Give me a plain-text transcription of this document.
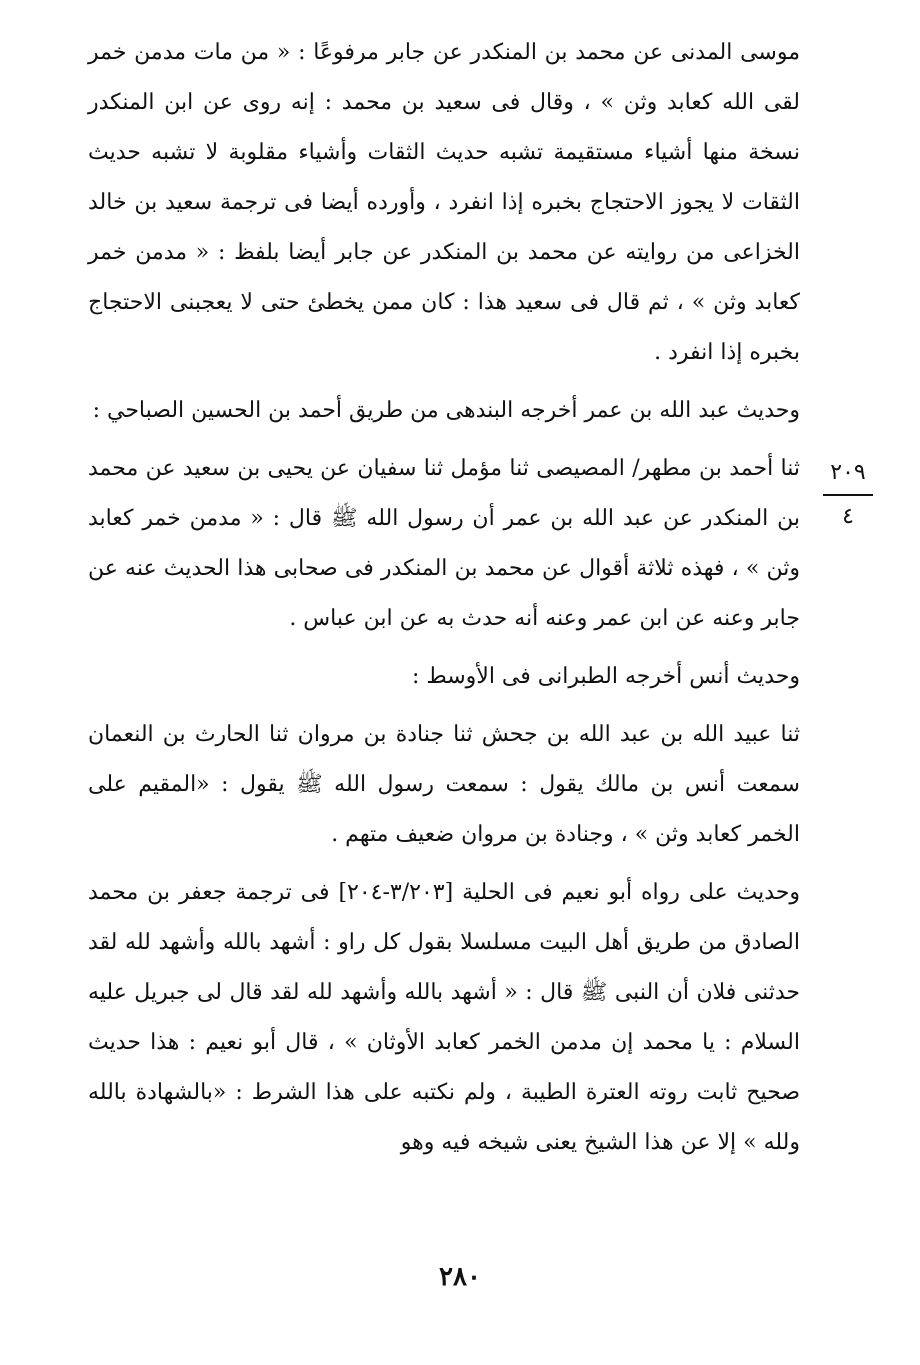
موسى المدنى عن محمد بن المنكدر عن جابر مرفوعًا : « من مات مدمن خمر لقى الله كعابد وثن » ، وقال فى سعيد بن محمد : إنه روى عن ابن المنكدر نسخة منها أشياء مستقيمة تشبه حديث الثقات وأشياء مقلوبة لا تشبه حديث الثقات لا يجوز الاحتجاج بخبره إذا انفرد ، وأورده أيضا فى ترجمة سعيد بن خالد الخزاعى من روايته عن محمد بن المنكدر عن جابر أيضا بلفظ : « مدمن خمر كعابد وثن » ، ثم قال فى سعيد هذا : كان ممن يخطئ حتى لا يعجبنى الاحتجاج بخبره إذا انفرد .

وحديث عبد الله بن عمر أخرجه البندهى من طريق أحمد بن الحسين الصباحي :

ثنا أحمد بن مطهر/ المصيصى ثنا مؤمل ثنا سفيان عن يحيى بن سعيد عن محمد بن المنكدر عن عبد الله بن عمر أن رسول الله ﷺ قال : « مدمن خمر كعابد وثن » ، فهذه ثلاثة أقوال عن محمد بن المنكدر فى صحابى هذا الحديث عنه عن جابر وعنه عن ابن عمر وعنه أنه حدث به عن ابن عباس .

وحديث أنس أخرجه الطبرانى فى الأوسط :

ثنا عبيد الله بن عبد الله بن جحش ثنا جنادة بن مروان ثنا الحارث بن النعمان سمعت أنس بن مالك يقول : سمعت رسول الله ﷺ يقول : «المقيم على الخمر كعابد وثن » ، وجنادة بن مروان ضعيف متهم .

وحديث على رواه أبو نعيم فى الحلية [٣/٢٠٣-٢٠٤] فى ترجمة جعفر بن محمد الصادق من طريق أهل البيت مسلسلا بقول كل راو : أشهد بالله وأشهد لله لقد حدثنى فلان أن النبى ﷺ قال : « أشهد بالله وأشهد لله لقد قال لى جبريل عليه السلام : يا محمد إن مدمن الخمر كعابد الأوثان » ، قال أبو نعيم : هذا حديث صحيح ثابت روته العترة الطيبة ، ولم نكتبه على هذا الشرط : «بالشهادة بالله ولله » إلا عن هذا الشيخ يعنى شيخه فيه وهو

٢٠٩
٤
٢٨٠
